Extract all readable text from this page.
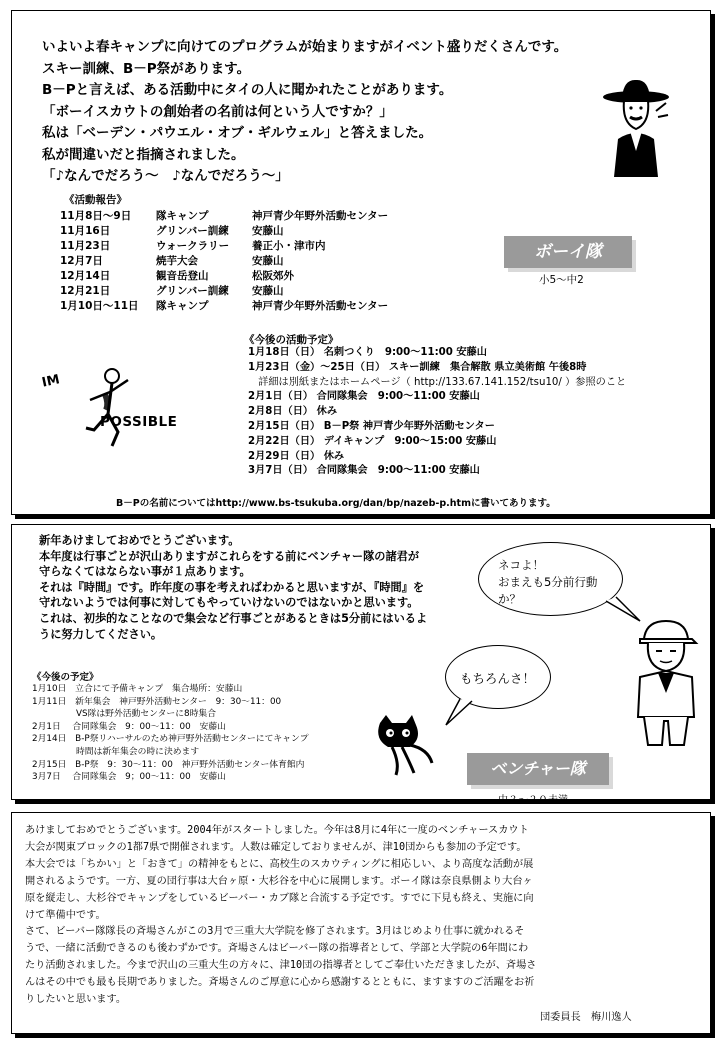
いよいよ春キャンプに向けてのプログラムが始まりますがイベント盛りだくさんです。

スキー訓練、B－P祭があります。

B－Pと言えば、ある活動中にタイの人に聞かれたことがあります。

「ボーイスカウトの創始者の名前は何という人ですか？」

私は「ベーデン・パウエル・オブ・ギルウェル」と答えました。

私が間違いだと指摘されました。

「♪なんでだろう～　♪なんでだろう～」

《活動報告》
11月8日～9日	隊キャンプ	神戸青少年野外活動センター
11月16日	グリンバー訓練	安藤山
11月23日	ウォークラリー	養正小・津市内
12月7日	焼芋大会	安藤山
12月14日	観音岳登山	松阪郊外
12月21日	グリンバー訓練	安藤山
1月10日～11日	隊キャンプ	神戸青少年野外活動センター
ボーイ隊
小5～中2
《今後の活動予定》
1月18日（日） 名刺つくり　9:00～11:00 安藤山
1月23日（金）～25日（日） スキー訓練　集合解散 県立美術館 午後8時
　詳細は別紙またはホームページ（ http://133.67.141.152/tsu10/ ）参照のこと
2月1日（日） 合同隊集会　9:00～11:00 安藤山
2月8日（日） 休み
2月15日（日） B－P祭 神戸青少年野外活動センター
2月22日（日） デイキャンプ　9:00～15:00 安藤山
2月29日（日） 休み
3月7日（日） 合同隊集会　9:00～11:00 安藤山
IM
POSSIBLE
B－Pの名前についてはhttp://www.bs-tsukuba.org/dan/bp/nazeb-p.htmに書いてあります。
新年あけましておめでとうございます。
本年度は行事ごとが沢山ありますがこれらをする前にベンチャー隊の諸君が
守らなくてはならない事が１点あります。
それは『時間』です。昨年度の事を考えればわかると思いますが、『時間』を
守れないようでは何事に対してもやっていけないのではないかと思います。
これは、初歩的なことなので集会など行事ごとがあるときは5分前にはいるよ
うに努力してください。
ネコよ！
おまえも5分前行動
か？
もちろんさ！
《今後の予定》
1月10日　立合にて予備キャンプ　集合場所：安藤山
1月11日　新年集会　神戸野外活動センター　9：30～11：00
　　　　　VS隊は野外活動センターに8時集合
2月1日　 合同隊集会　9：00～11：00　安藤山
2月14日　B-P祭リハーサルのため神戸野外活動センターにてキャンプ
　　　　　時間は新年集会の時に決めます
2月15日　B-P祭　9：30～11：00　神戸野外活動センター体育館内
3月7日　 合同隊集会　9；00～11：00　安藤山	ベンチャー隊
中３～２０未満
あけましておめでとうございます。2004年がスタートしました。今年は8月に4年に一度のベンチャースカウト
大会が関東ブロックの1都7県で開催されます。人数は確定しておりませんが、津10団からも参加の予定です。
本大会では「ちかい」と「おきて」の精神をもとに、高校生のスカウティングに相応しい、より高度な活動が展
開されるようです。一方、夏の団行事は大台ヶ原・大杉谷を中心に展開します。ボーイ隊は奈良県側より大台ヶ
原を縦走し、大杉谷でキャンプをしているビーバー・カブ隊と合流する予定です。すでに下見も終え、実施に向
けて準備中です。
さて、ビーバー隊隊長の斉場さんがこの3月で三重大大学院を修了されます。3月はじめより仕事に就かれるそ
うで、一緒に活動できるのも後わずかです。斉場さんはビーバー隊の指導者として、学部と大学院の6年間にわ
たり活動されました。今まで沢山の三重大生の方々に、津10団の指導者としてご奉仕いただきましたが、斉場さ
んはその中でも最も長期でありました。斉場さんのご厚意に心から感謝するとともに、ますますのご活躍をお祈
りしたいと思います。
団委員長　梅川逸人
